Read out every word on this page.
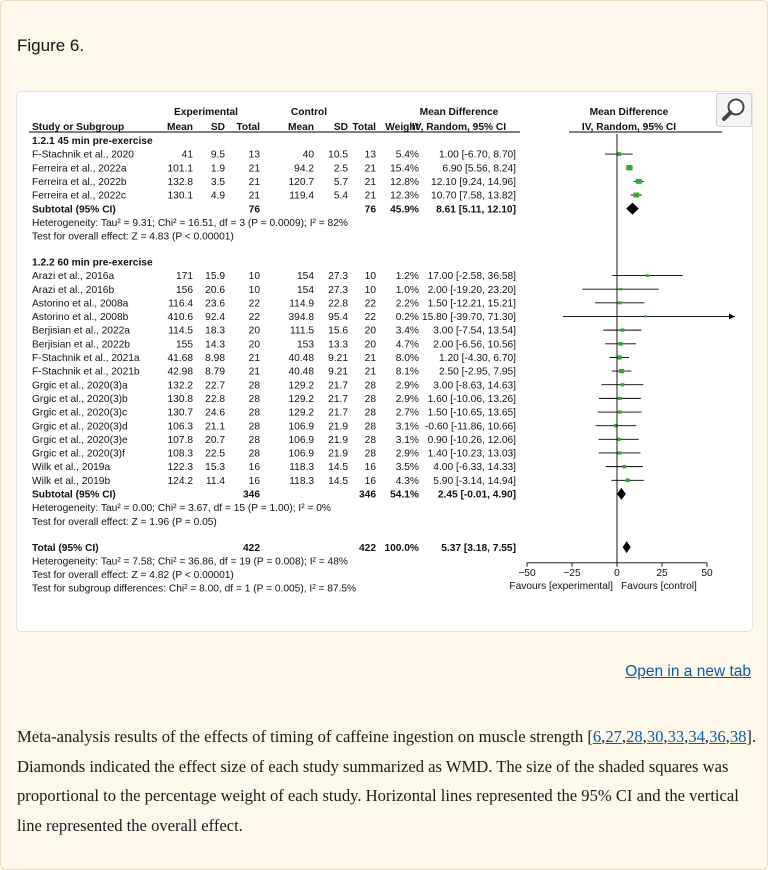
Figure 6.
Experimental	Control	Mean Difference	Mean Difference
Study or Subgroup	Mean SD Total	Mean SD Total Weight
IV, Random, 95% CI	IV, Random, 95% CI
1.2.1 45 min pre-exercise
F-Stachnik et al., 2020	41 9.5 13	40 10.5 13 5.4% 1.00 [-6.70, 8.70]
Ferreira et al., 2022a	101.1 1.9 21	94.2 2.5 21 15.4% 6.90 [5.56, 8.24]
Ferreira et al., 2022b	132.8 3.5 21	120.7 5.7 21 12.8% 12.10 [9.24, 14.96]
Ferreira et al., 2022c	130.1 4.9 21	119.4 5.4 21 12.3% 10.70 [7.58, 13.82]
Subtotal (95% CI)	76	76 45.9% 8.61 [5.11, 12.10]
Heterogeneity: Tau² = 9.31; Chi² = 16.51, df = 3 (P = 0.0009); I² = 82%
Test for overall effect: Z = 4.83 (P < 0.00001)
1.2.2 60 min pre-exercise
Arazi et al., 2016a	171 15.9 10	154 27.3 10 1.2% 17.00 [-2.58, 36.58]
Arazi et al., 2016b	156 20.6 10	154 27.3 10 1.0% 2.00 [-19.20, 23.20]
Astorino et al., 2008a	116.4 23.6 22	114.9 22.8 22 2.2% 1.50 [-12.21, 15.21]
Astorino et al., 2008b	410.6 92.4 22	394.8 95.4 22 0.2% 15.80 [-39.70, 71.30]
Berjisian et al., 2022a	114.5 18.3 20	111.5 15.6 20 3.4% 3.00 [-7.54, 13.54]
Berjisian et al., 2022b	155 14.3 20	153 13.3 20 4.7% 2.00 [-6.56, 10.56]
F-Stachnik et al., 2021a	41.68 8.98 21	40.48 9.21 21 8.0% 1.20 [-4.30, 6.70]
F-Stachnik et al., 2021b	42.98 8.79 21	40.48 9.21 21 8.1% 2.50 [-2.95, 7.95]
Grgic et al., 2020(3)a	132.2 22.7 28	129.2 21.7 28 2.9% 3.00 [-8.63, 14.63]
Grgic et al., 2020(3)b	130.8 22.8 28	129.2 21.7 28 2.9% 1.60 [-10.06, 13.26]
Grgic et al., 2020(3)c	130.7 24.6 28	129.2 21.7 28 2.7% 1.50 [-10.65, 13.65]
Grgic et al., 2020(3)d	106.3 21.1 28	106.9 21.9 28 3.1% -0.60 [-11.86, 10.66]
Grgic et al., 2020(3)e	107.8 20.7 28	106.9 21.9 28 3.1% 0.90 [-10.26, 12.06]
Grgic et al., 2020(3)f	108.3 22.5 28	106.9 21.9 28 2.9% 1.40 [-10.23, 13.03]
Wilk et al., 2019a	122.3 15.3 16	118.3 14.5 16 3.5% 4.00 [-6.33, 14.33]
Wilk et al., 2019b	124.2 11.4 16	118.3 14.5 16 4.3% 5.90 [-3.14, 14.94]
Subtotal (95% CI)	346	346 54.1% 2.45 [-0.01, 4.90]
Heterogeneity: Tau² = 0.00; Chi² = 3.67, df = 15 (P = 1.00); I² = 0%
Test for overall effect: Z = 1.96 (P = 0.05)
Total (95% CI)	422	422 100.0% 5.37 [3.18, 7.55]
Heterogeneity: Tau² = 7.58; Chi² = 36.86, df = 19 (P = 0.008); I² = 48%
Test for overall effect: Z = 4.82 (P < 0.00001)
Test for subgroup differences: Chi² = 8.00, df = 1 (P = 0.005), I² = 87.5%
−50	−25	0	25	50
Favours [experimental] Favours [control]
Open in a new tab
Meta-analysis results of the effects of timing of caffeine ingestion on muscle strength [6,27,28,30,33,34,36,38]. Diamonds indicated the effect size of each study summarized as WMD. The size of the shaded squares was proportional to the percentage weight of each study. Horizontal lines represented the 95% CI and the vertical line represented the overall effect.
